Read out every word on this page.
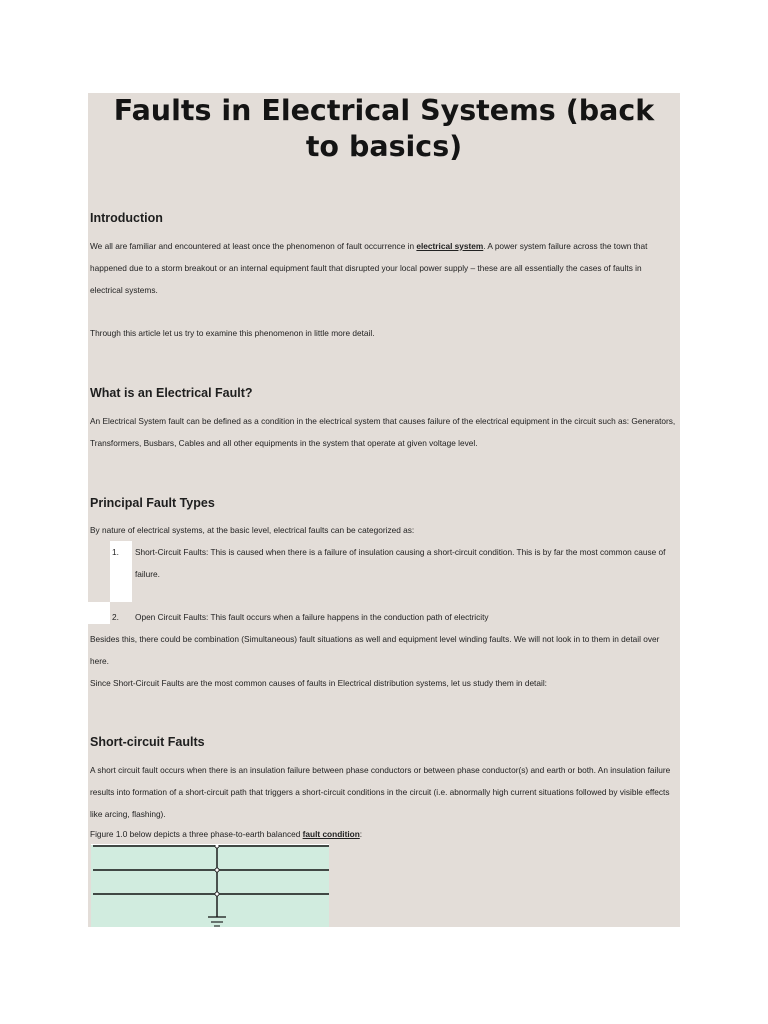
Faults in Electrical Systems (back to basics)
Introduction

We all are familiar and encountered at least once the phenomenon of fault occurrence in electrical system. A power system failure across the town that happened due to a storm breakout or an internal equipment fault that disrupted your local power supply – these are all essentially the cases of faults in electrical systems.

Through this article let us try to examine this phenomenon in little more detail.

What is an Electrical Fault?

An Electrical System fault can be defined as a condition in the electrical system that causes failure of the electrical equipment in the circuit such as: Generators, Transformers, Busbars, Cables and all other equipments in the system that operate at given voltage level.

Principal Fault Types

By nature of electrical systems, at the basic level, electrical faults can be categorized as:

1. Short-Circuit Faults: This is caused when there is a failure of insulation causing a short-circuit condition. This is by far the most common cause of failure.
2. Open Circuit Faults: This fault occurs when a failure happens in the conduction path of electricity

Besides this, there could be combination (Simultaneous) fault situations as well and equipment level winding faults. We will not look in to them in detail over here.

Since Short-Circuit Faults are the most common causes of faults in Electrical distribution systems, let us study them in detail:

Short-circuit Faults

A short circuit fault occurs when there is an insulation failure between phase conductors or between phase conductor(s) and earth or both. An insulation failure results into formation of a short-circuit path that triggers a short-circuit conditions in the circuit (i.e. abnormally high current situations followed by visible effects like arcing, flashing).

Figure 1.0 below depicts a three phase-to-earth balanced fault condition:
